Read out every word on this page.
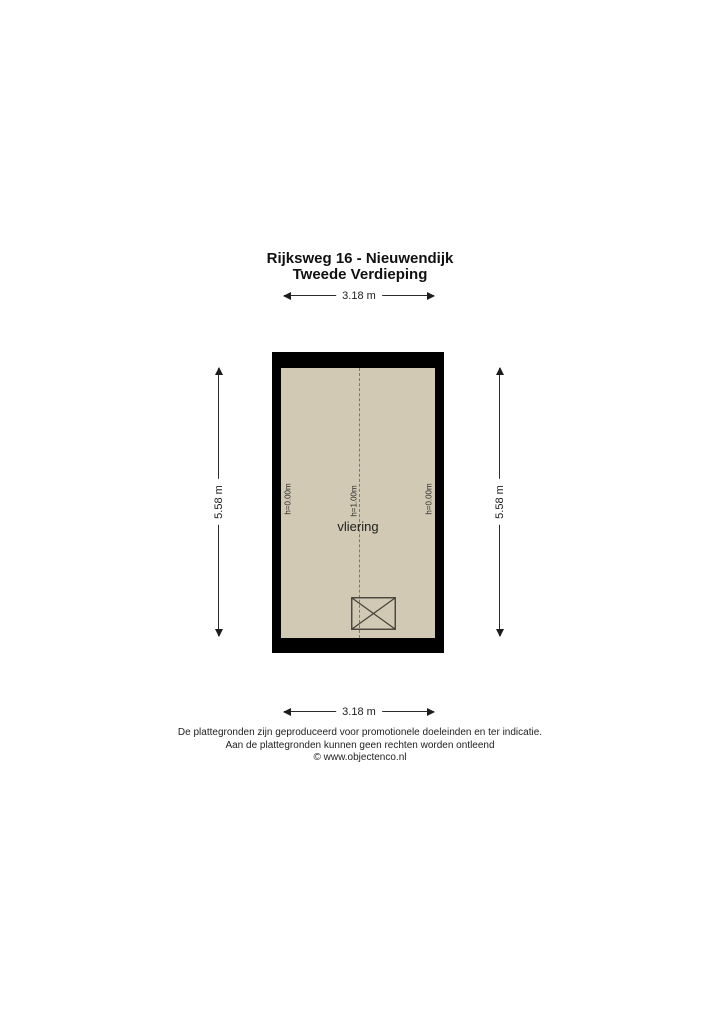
Rijksweg 16 - Nieuwendijk
Tweede Verdieping
3.18 m
5.58 m	5.58 m
h=0.00m	h=1.00m	h=0.00m
vliering
3.18 m
De plattegronden zijn geproduceerd voor promotionele doeleinden en ter indicatie.
Aan de plattegronden kunnen geen rechten worden ontleend
© www.objectenco.nl
